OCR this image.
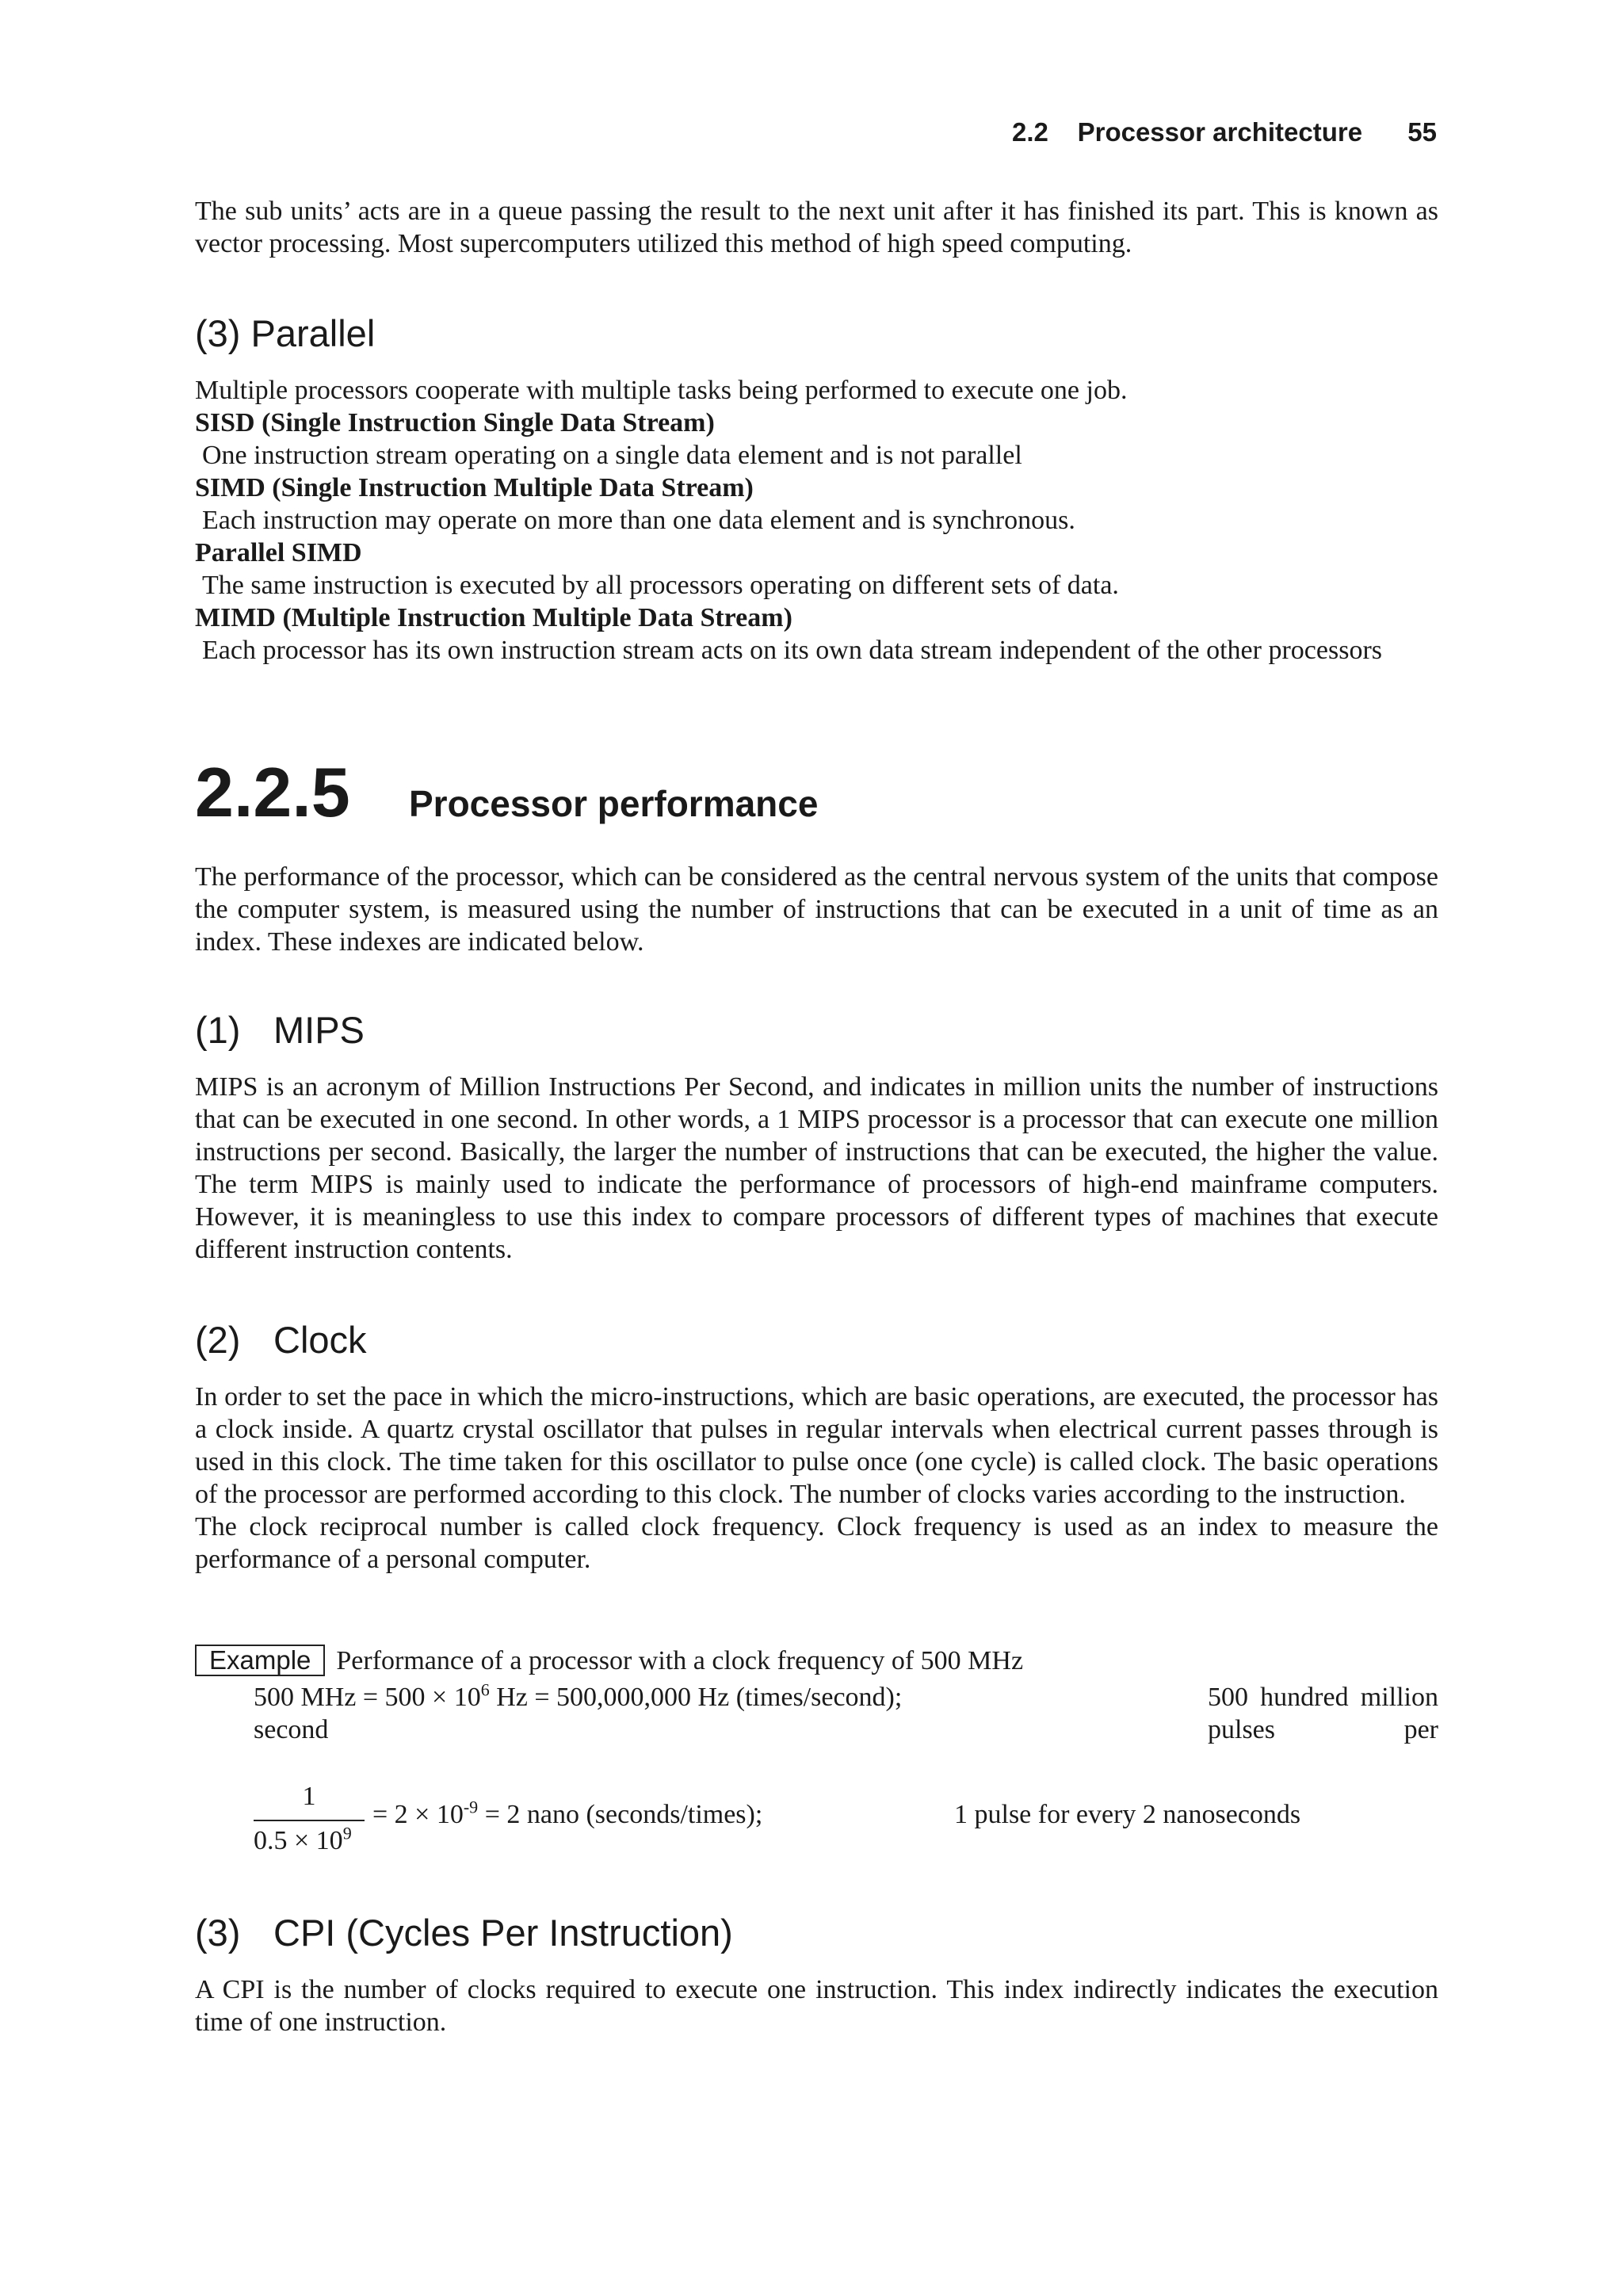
2.2 Processor architecture 55

The sub units’ acts are in a queue passing the result to the next unit after it has finished its part. This is known as vector processing. Most supercomputers utilized this method of high speed computing.

(3) Parallel

Multiple processors cooperate with multiple tasks being performed to execute one job.

SISD (Single Instruction Single Data Stream)

One instruction stream operating on a single data element and is not parallel

SIMD (Single Instruction Multiple Data Stream)

Each instruction may operate on more than one data element and is synchronous.

Parallel SIMD

The same instruction is executed by all processors operating on different sets of data.

MIMD (Multiple Instruction Multiple Data Stream)

Each processor has its own instruction stream acts on its own data stream independent of the other processors

2.2.5 Processor performance

The performance of the processor, which can be considered as the central nervous system of the units that compose the computer system, is measured using the number of instructions that can be executed in a unit of time as an index. These indexes are indicated below.

(1) MIPS

MIPS is an acronym of Million Instructions Per Second, and indicates in million units the number of instructions that can be executed in one second. In other words, a 1 MIPS processor is a processor that can execute one million instructions per second. Basically, the larger the number of instructions that can be executed, the higher the value. The term MIPS is mainly used to indicate the performance of processors of high-end mainframe computers. However, it is meaningless to use this index to compare processors of different types of machines that execute different instruction contents.

(2) Clock

In order to set the pace in which the micro-instructions, which are basic operations, are executed, the processor has a clock inside. A quartz crystal oscillator that pulses in regular intervals when electrical current passes through is used in this clock. The time taken for this oscillator to pulse once (one cycle) is called clock. The basic operations of the processor are performed according to this clock. The number of clocks varies according to the instruction.

The clock reciprocal number is called clock frequency. Clock frequency is used as an index to measure the performance of a personal computer.

Example Performance of a processor with a clock frequency of 500 MHz

500 MHz = $500 \times 10^6$ Hz = 500,000,000 Hz (times/second);	500 hundred million pulses per

second

1
$0.5 \times 10^9$

= $2 \times 10^{-9} = 2$ nano (seconds/times);	1 pulse for every 2 nanoseconds

(3) CPI (Cycles Per Instruction)

A CPI is the number of clocks required to execute one instruction. This index indirectly indicates the execution time of one instruction.
